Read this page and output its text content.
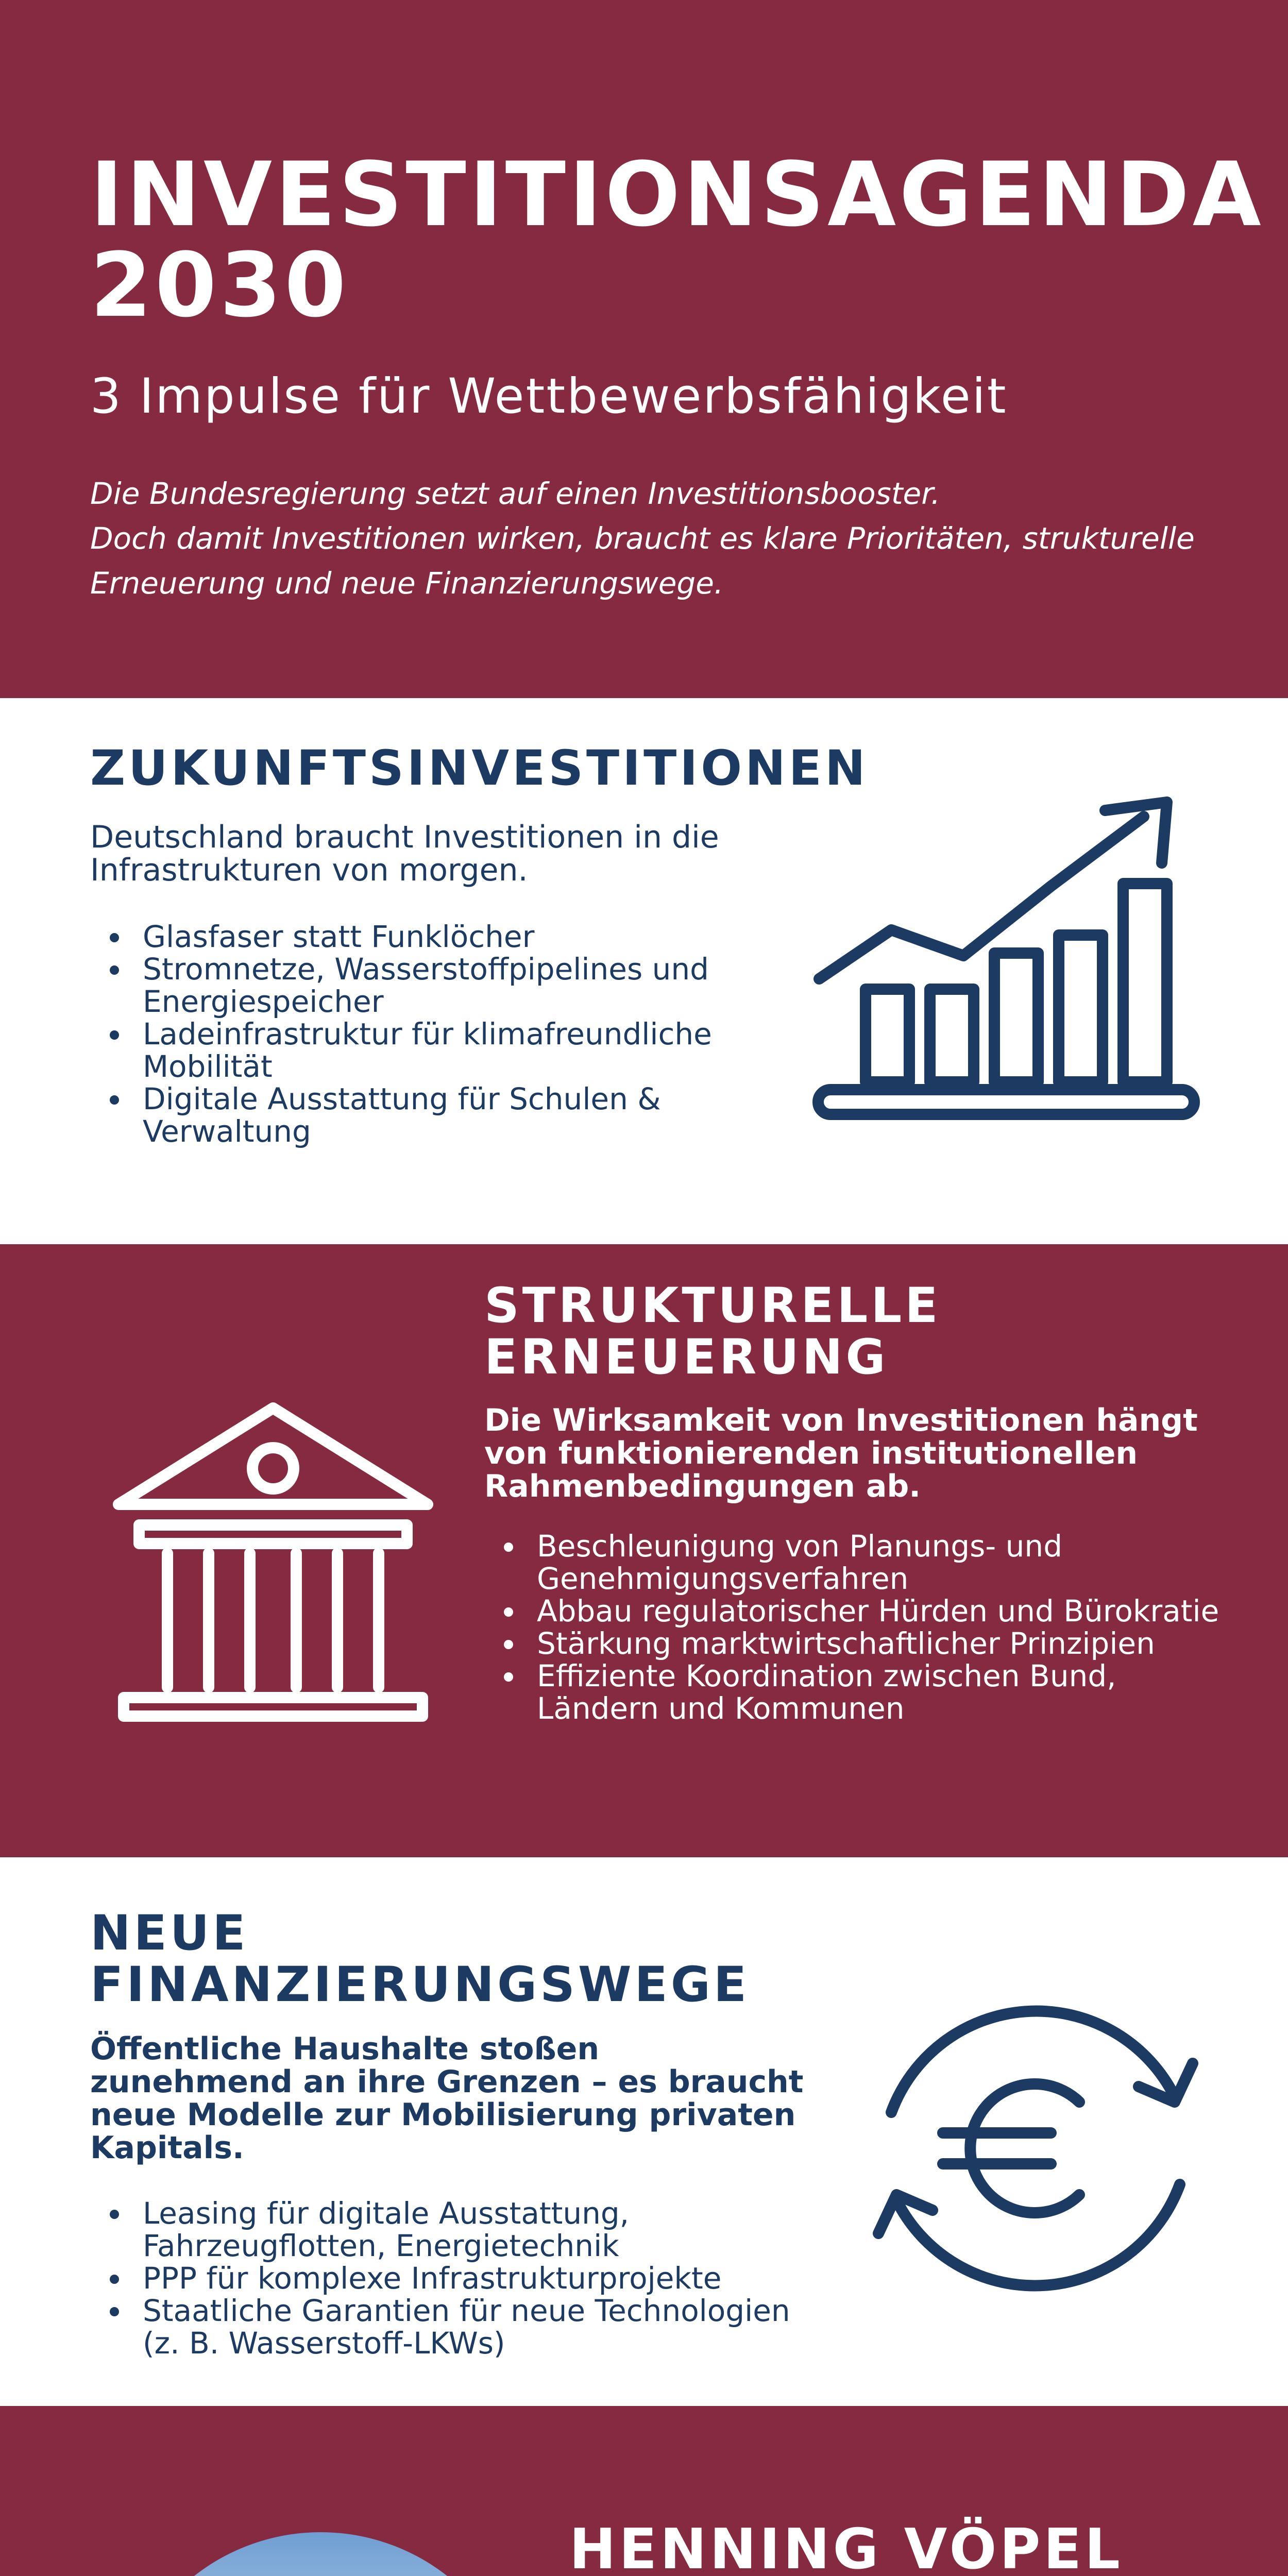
INVESTITIONSAGENDA
2030

3 Impulse für Wettbewerbsfähigkeit

Die Bundesregierung setzt auf einen Investitionsbooster.
Doch damit Investitionen wirken, braucht es klare Prioritäten, strukturelle
Erneuerung und neue Finanzierungswege.

ZUKUNFTSINVESTITIONEN

Deutschland braucht Investitionen in die Infrastrukturen von morgen.

Glasfaser statt Funklöcher
Stromnetze, Wasserstoffpipelines und Energiespeicher
Ladeinfrastruktur für klimafreundliche Mobilität
Digitale Ausstattung für Schulen & Verwaltung
STRUKTURELLE
ERNEUERUNG

Die Wirksamkeit von Investitionen hängt von funktionierenden institutionellen Rahmenbedingungen ab.

Beschleunigung von Planungs- und Genehmigungsverfahren
Abbau regulatorischer Hürden und Bürokratie
Stärkung marktwirtschaftlicher Prinzipien
Effiziente Koordination zwischen Bund, Ländern und Kommunen
NEUE
FINANZIERUNGSWEGE

Öffentliche Haushalte stoßen zunehmend an ihre Grenzen – es braucht neue Modelle zur Mobilisierung privaten Kapitals.

Leasing für digitale Ausstattung, Fahrzeugflotten, Energietechnik
PPP für komplexe Infrastrukturprojekte
Staatliche Garantien für neue Technologien (z. B. Wasserstoff-LKWs)
HENNING VÖPEL
